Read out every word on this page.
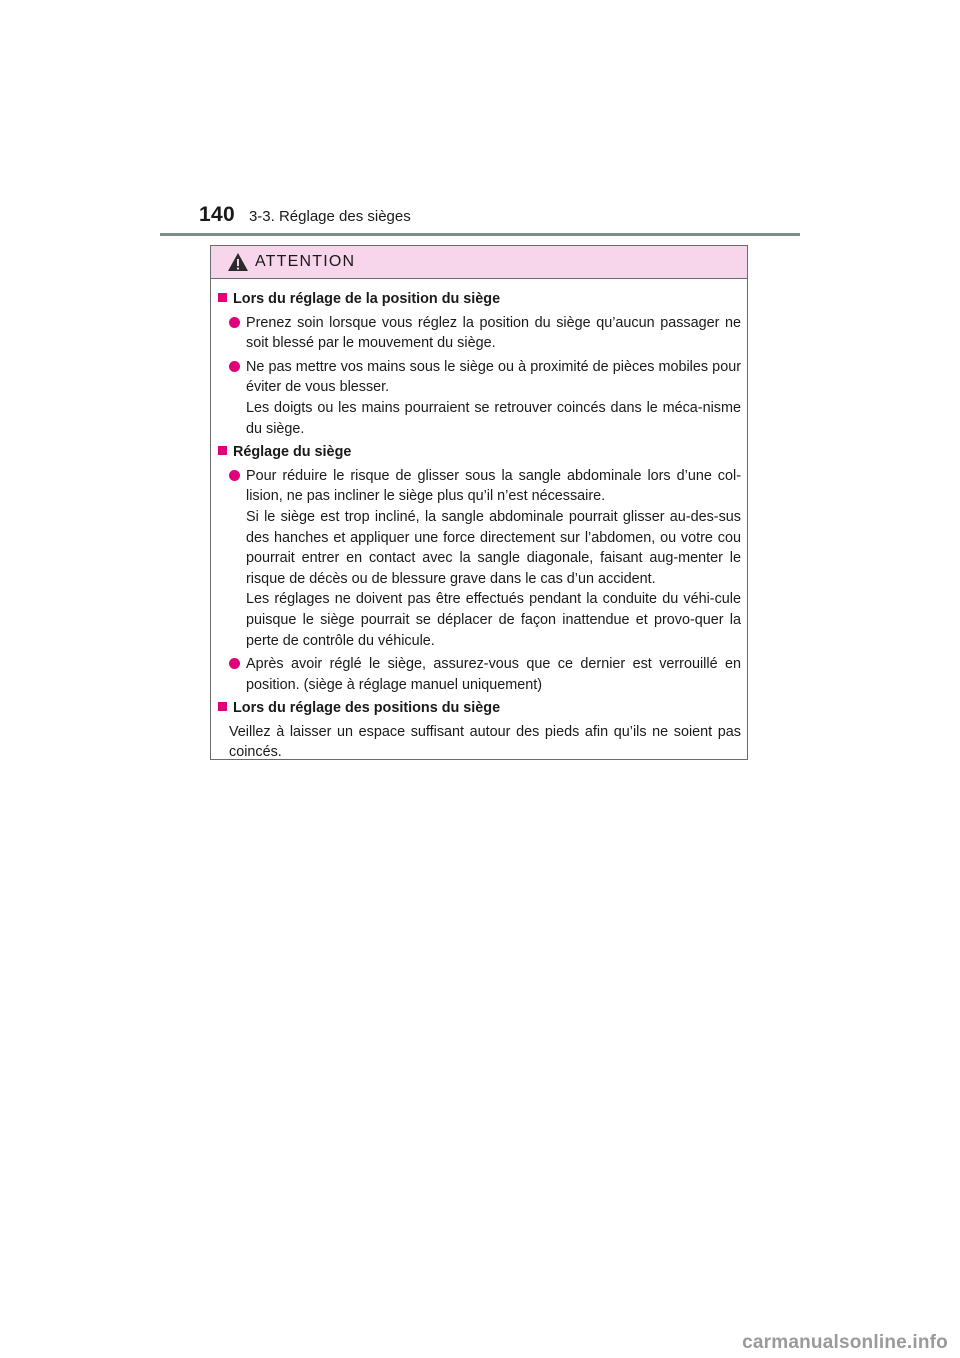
140 3-3. Réglage des sièges
ATTENTION
Lors du réglage de la position du siège

Prenez soin lorsque vous réglez la position du siège qu’aucun passager ne soit blessé par le mouvement du siège.

Ne pas mettre vos mains sous le siège ou à proximité de pièces mobiles pour éviter de vous blesser.

Les doigts ou les mains pourraient se retrouver coincés dans le méca-nisme du siège.

Réglage du siège

Pour réduire le risque de glisser sous la sangle abdominale lors d’une col-lision, ne pas incliner le siège plus qu’il n’est nécessaire.

Si le siège est trop incliné, la sangle abdominale pourrait glisser au-des-sus des hanches et appliquer une force directement sur l’abdomen, ou votre cou pourrait entrer en contact avec la sangle diagonale, faisant aug-menter le risque de décès ou de blessure grave dans le cas d’un accident.

Les réglages ne doivent pas être effectués pendant la conduite du véhi-cule puisque le siège pourrait se déplacer de façon inattendue et provo-quer la perte de contrôle du véhicule.

Après avoir réglé le siège, assurez-vous que ce dernier est verrouillé en position. (siège à réglage manuel uniquement)

Lors du réglage des positions du siège
Veillez à laisser un espace suffisant autour des pieds afin qu’ils ne soient pas coincés.
carmanualsonline.info
